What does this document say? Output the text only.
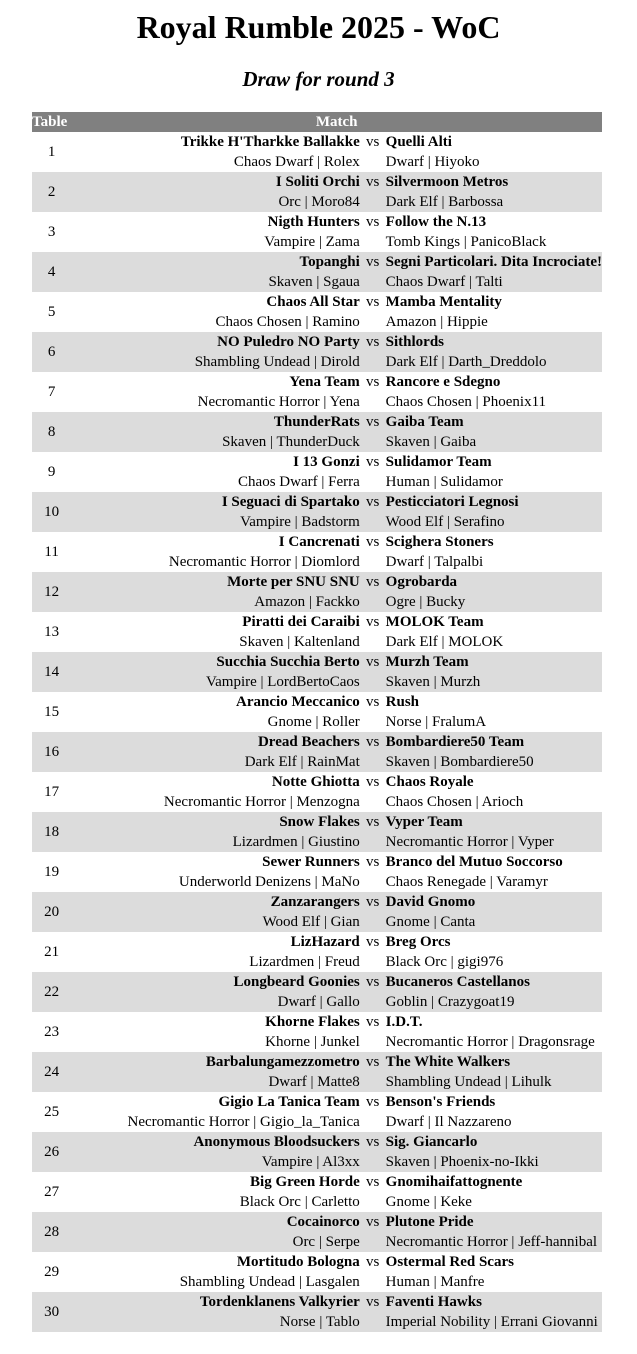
Royal Rumble 2025 - WoC
Draw for round 3
Table	Match		
1	Trikke H'Tharkke Ballakke	vs	Quelli Alti
	Chaos Dwarf | Rolex		Dwarf | Hiyoko
2	I Soliti Orchi	vs	Silvermoon Metros
	Orc | Moro84		Dark Elf | Barbossa
3	Nigth Hunters	vs	Follow the N.13
	Vampire | Zama		Tomb Kings | PanicoBlack
4	Topanghi	vs	Segni Particolari. Dita Incrociate!
	Skaven | Sgaua		Chaos Dwarf | Talti
5	Chaos All Star	vs	Mamba Mentality
	Chaos Chosen | Ramino		Amazon | Hippie
6	NO Puledro NO Party	vs	Sithlords
	Shambling Undead | Dirold		Dark Elf | Darth_Dreddolo
7	Yena Team	vs	Rancore e Sdegno
	Necromantic Horror | Yena		Chaos Chosen | Phoenix11
8	ThunderRats	vs	Gaiba Team
	Skaven | ThunderDuck		Skaven | Gaiba
9	I 13 Gonzi	vs	Sulidamor Team
	Chaos Dwarf | Ferra		Human | Sulidamor
10	I Seguaci di Spartako	vs	Pesticciatori Legnosi
	Vampire | Badstorm		Wood Elf | Serafino
11	I Cancrenati	vs	Scighera Stoners
	Necromantic Horror | Diomlord		Dwarf | Talpalbi
12	Morte per SNU SNU	vs	Ogrobarda
	Amazon | Fackko		Ogre | Bucky
13	Piratti dei Caraibi	vs	MOLOK Team
	Skaven | Kaltenland		Dark Elf | MOLOK
14	Succhia Succhia Berto	vs	Murzh Team
	Vampire | LordBertoCaos		Skaven | Murzh
15	Arancio Meccanico	vs	Rush
	Gnome | Roller		Norse | FralumA
16	Dread Beachers	vs	Bombardiere50 Team
	Dark Elf | RainMat		Skaven | Bombardiere50
17	Notte Ghiotta	vs	Chaos Royale
	Necromantic Horror | Menzogna		Chaos Chosen | Arioch
18	Snow Flakes	vs	Vyper Team
	Lizardmen | Giustino		Necromantic Horror | Vyper
19	Sewer Runners	vs	Branco del Mutuo Soccorso
	Underworld Denizens | MaNo		Chaos Renegade | Varamyr
20	Zanzarangers	vs	David Gnomo
	Wood Elf | Gian		Gnome | Canta
21	LizHazard	vs	Breg Orcs
	Lizardmen | Freud		Black Orc | gigi976
22	Longbeard Goonies	vs	Bucaneros Castellanos
	Dwarf | Gallo		Goblin | Crazygoat19
23	Khorne Flakes	vs	I.D.T.
	Khorne | Junkel		Necromantic Horror | Dragonsrage
24	Barbalungamezzometro	vs	The White Walkers
	Dwarf | Matte8		Shambling Undead | Lihulk
25	Gigio La Tanica Team	vs	Benson's Friends
	Necromantic Horror | Gigio_la_Tanica		Dwarf | Il Nazzareno
26	Anonymous Bloodsuckers	vs	Sig. Giancarlo
	Vampire | Al3xx		Skaven | Phoenix-no-Ikki
27	Big Green Horde	vs	Gnomihaifattognente
	Black Orc | Carletto		Gnome | Keke
28	Cocainorco	vs	Plutone Pride
	Orc | Serpe		Necromantic Horror | Jeff-hannibal
29	Mortitudo Bologna	vs	Ostermal Red Scars
	Shambling Undead | Lasgalen		Human | Manfre
30	Tordenklanens Valkyrier	vs	Faventi Hawks
	Norse | Tablo		Imperial Nobility | Errani Giovanni
